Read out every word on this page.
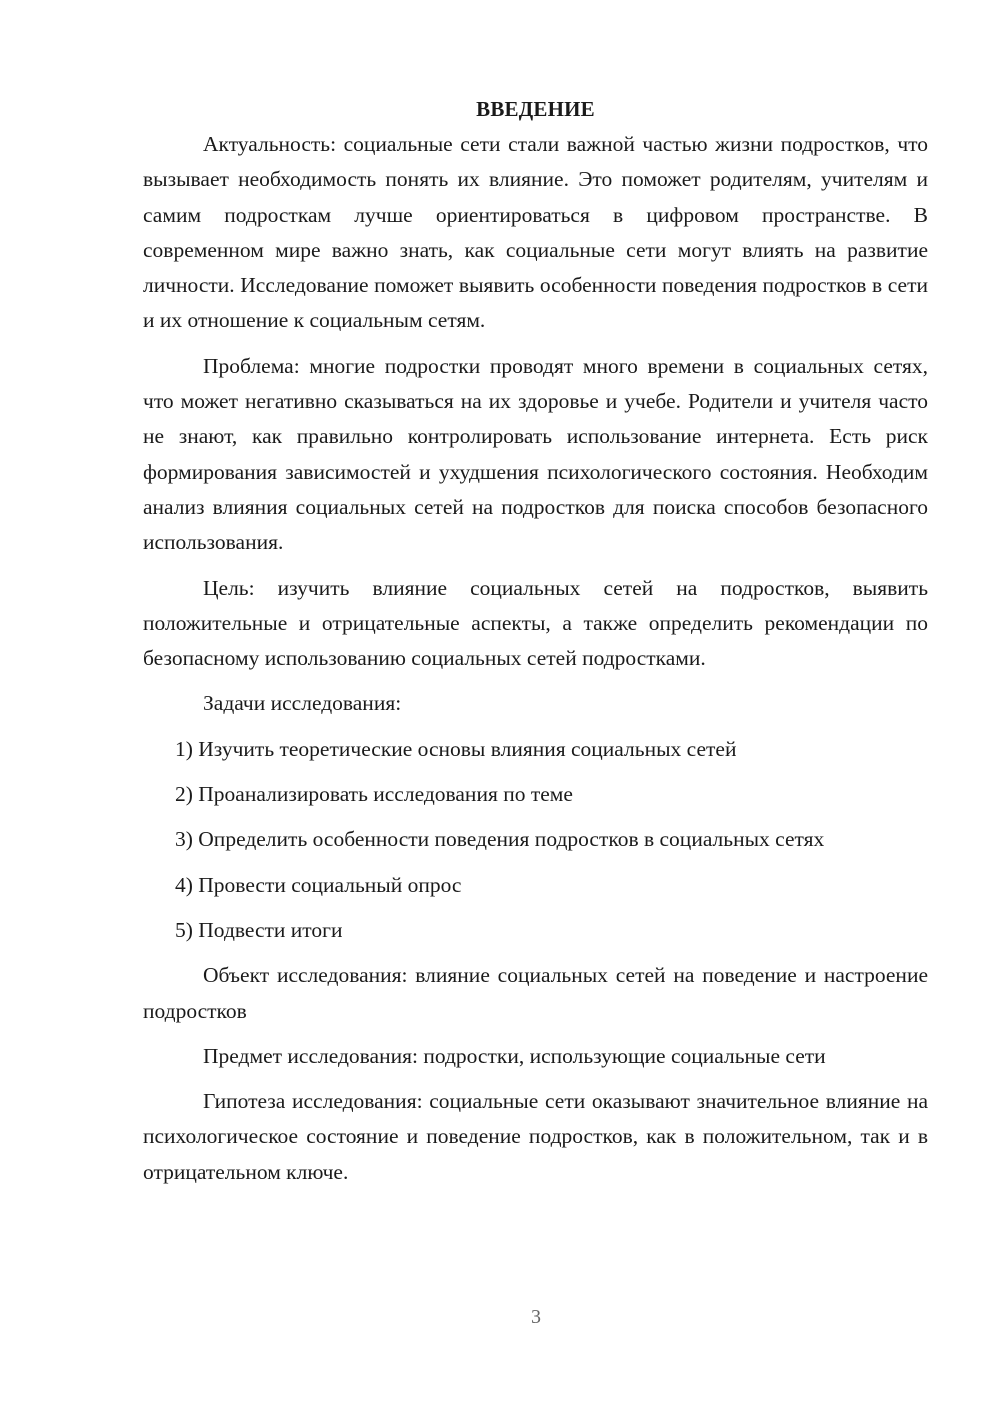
ВВЕДЕНИЕ

Актуальность: социальные сети стали важной частью жизни подростков, что вызывает необходимость понять их влияние. Это поможет родителям, учителям и самим подросткам лучше ориентироваться в цифровом пространстве. В современном мире важно знать, как социальные сети могут влиять на развитие личности. Исследование поможет выявить особенности поведения подростков в сети и их отношение к социальным сетям.

Проблема: многие подростки проводят много времени в социальных сетях, что может негативно сказываться на их здоровье и учебе. Родители и учителя часто не знают, как правильно контролировать использование интернета. Есть риск формирования зависимостей и ухудшения психологического состояния. Необходим анализ влияния социальных сетей на подростков для поиска способов безопасного использования.

Цель: изучить влияние социальных сетей на подростков, выявить положительные и отрицательные аспекты, а также определить рекомендации по безопасному использованию социальных сетей подростками.

Задачи исследования:

1) Изучить теоретические основы влияния социальных сетей
2) Проанализировать исследования по теме
3) Определить особенности поведения подростков в социальных сетях
4) Провести социальный опрос
5) Подвести итоги

Объект исследования: влияние социальных сетей на поведение и настроение подростков

Предмет исследования: подростки, использующие социальные сети

Гипотеза исследования: социальные сети оказывают значительное влияние на психологическое состояние и поведение подростков, как в положительном, так и в отрицательном ключе.

3
